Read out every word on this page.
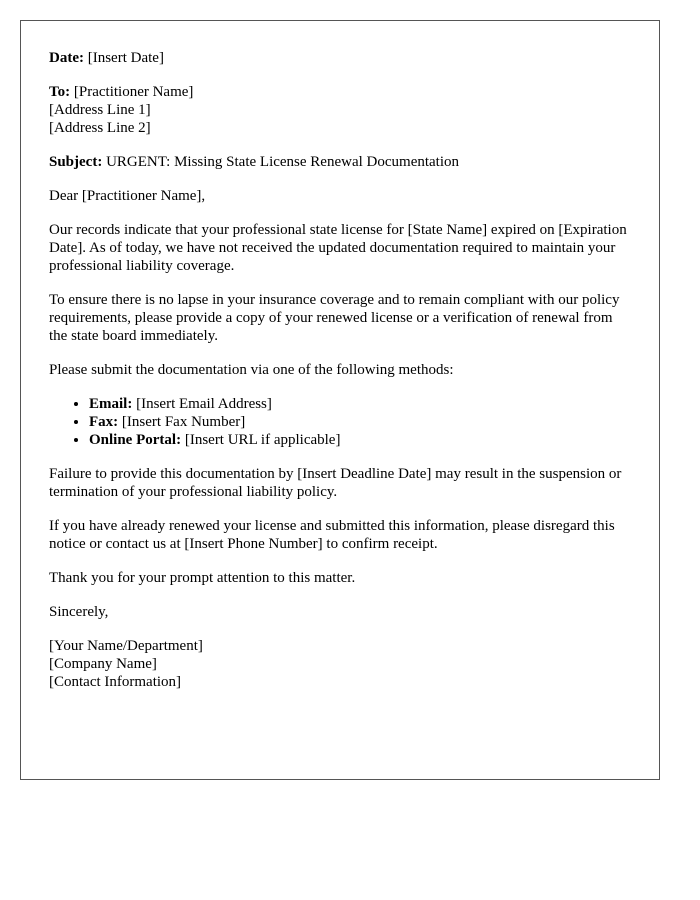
Date: [Insert Date]

To: [Practitioner Name]
[Address Line 1]
[Address Line 2]

Subject: URGENT: Missing State License Renewal Documentation

Dear [Practitioner Name],

Our records indicate that your professional state license for [State Name] expired on [Expiration Date]. As of today, we have not received the updated documentation required to maintain your professional liability coverage.

To ensure there is no lapse in your insurance coverage and to remain compliant with our policy requirements, please provide a copy of your renewed license or a verification of renewal from the state board immediately.

Please submit the documentation via one of the following methods:

• Email: [Insert Email Address]
• Fax: [Insert Fax Number]
• Online Portal: [Insert URL if applicable]

Failure to provide this documentation by [Insert Deadline Date] may result in the suspension or termination of your professional liability policy.

If you have already renewed your license and submitted this information, please disregard this notice or contact us at [Insert Phone Number] to confirm receipt.

Thank you for your prompt attention to this matter.

Sincerely,

[Your Name/Department]
[Company Name]
[Contact Information]
